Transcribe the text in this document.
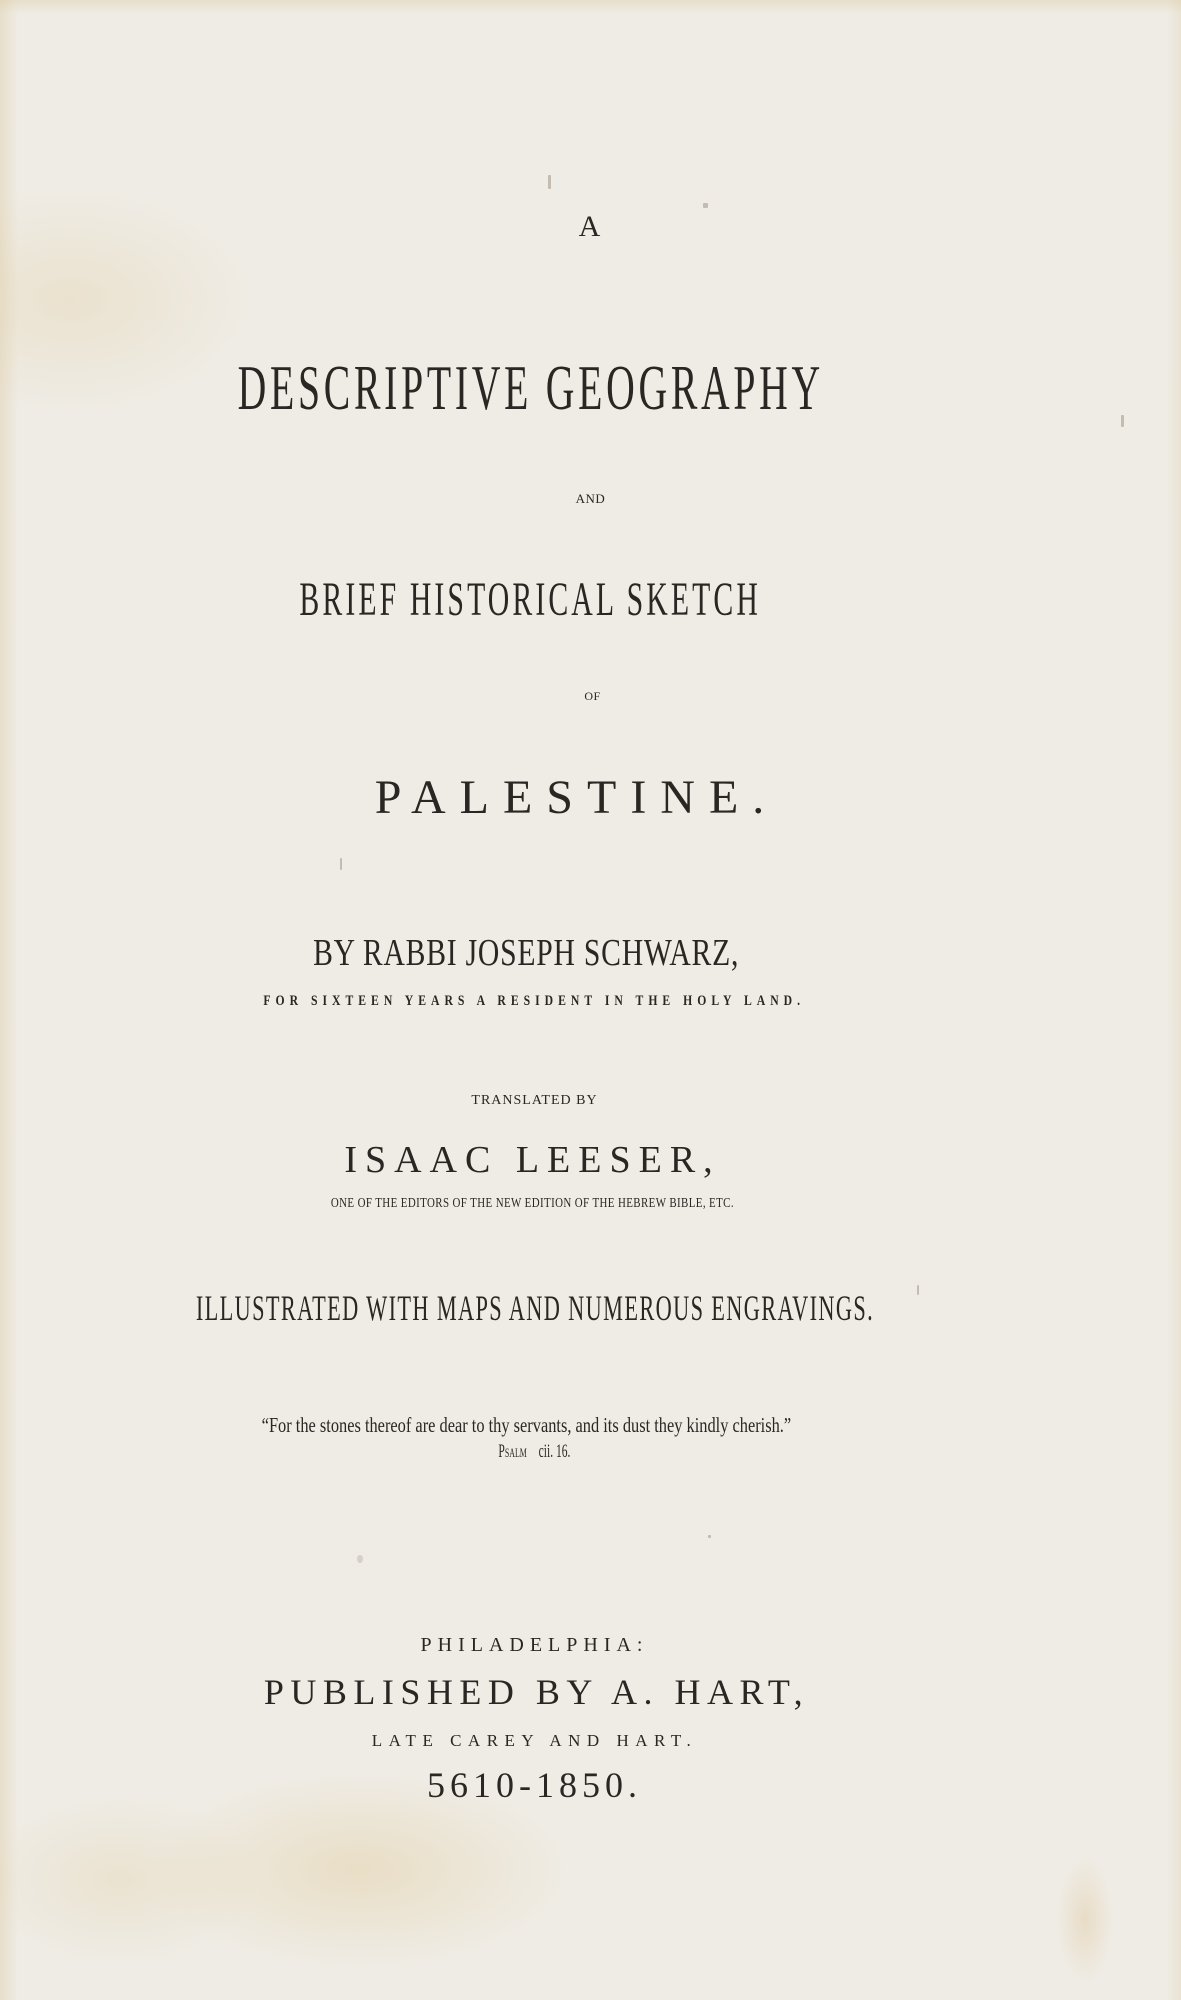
A
DESCRIPTIVE GEOGRAPHY
AND
BRIEF HISTORICAL SKETCH
OF
PALESTINE.
BY RABBI JOSEPH SCHWARZ,
FOR SIXTEEN YEARS A RESIDENT IN THE HOLY LAND.
TRANSLATED BY
ISAAC LEESER,
ONE OF THE EDITORS OF THE NEW EDITION OF THE HEBREW BIBLE, ETC.
ILLUSTRATED WITH MAPS AND NUMEROUS ENGRAVINGS.
“For the stones thereof are dear to thy servants, and its dust they kindly cherish.”
Psalm cii. 16.
PHILADELPHIA:
PUBLISHED BY A. HART,
LATE CAREY AND HART.
5610-1850.
